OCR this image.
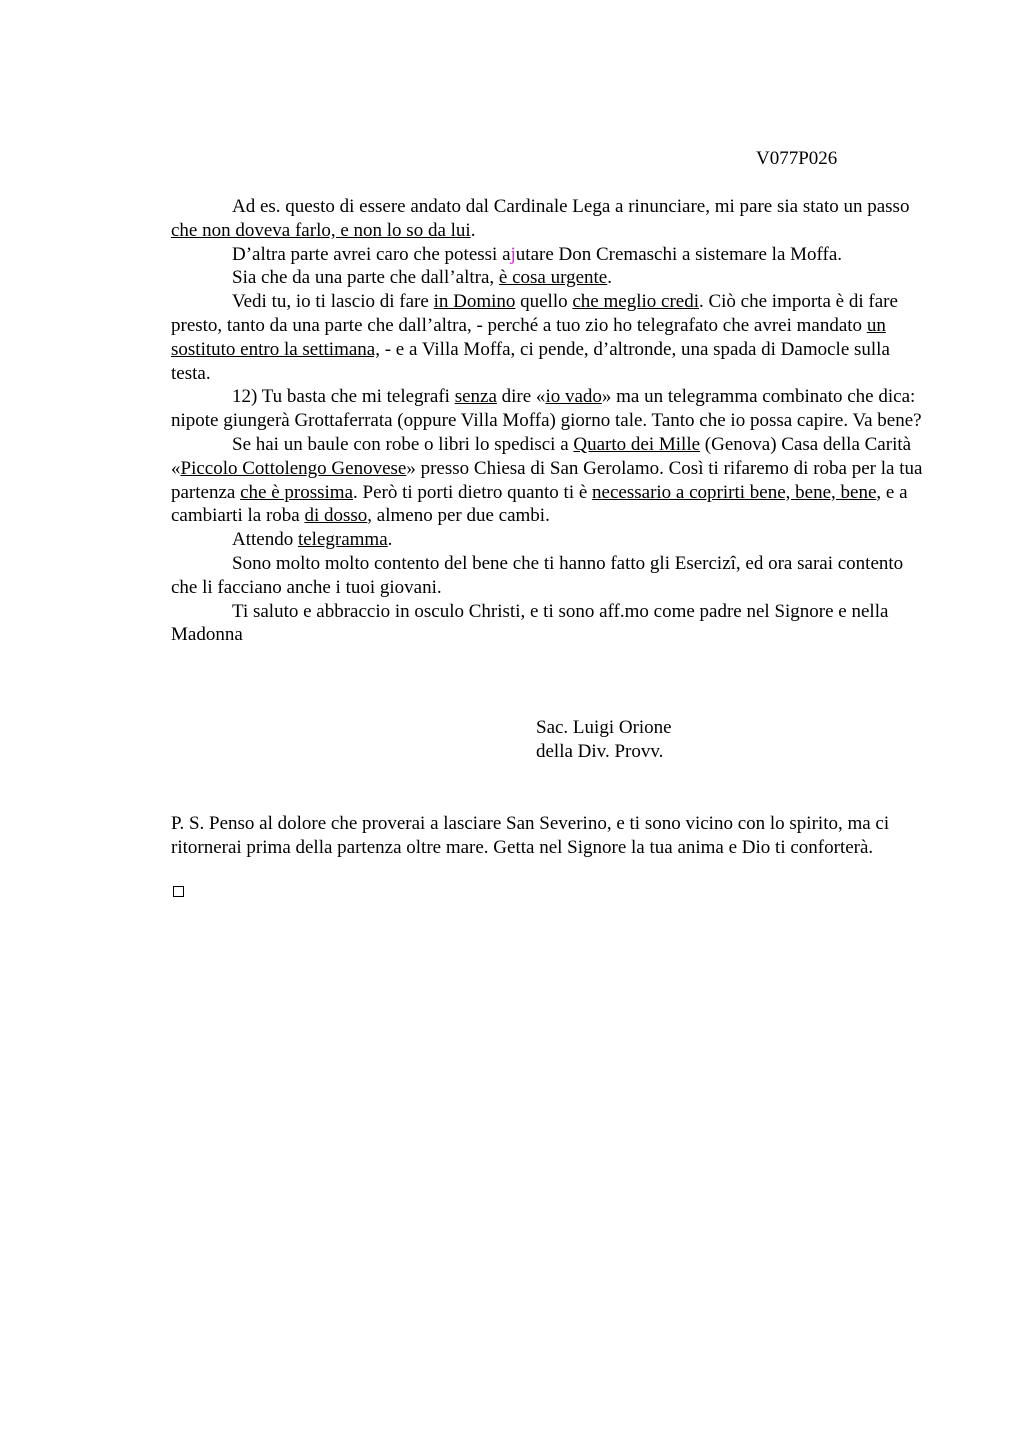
V077P026

Ad es. questo di essere andato dal Cardinale Lega a rinunciare, mi pare sia stato un passo che non doveva farlo, e non lo so da lui.

D’altra parte avrei caro che potessi ajutare Don Cremaschi a sistemare la Moffa.

Sia che da una parte che dall’altra, è cosa urgente.

Vedi tu, io ti lascio di fare in Domino quello che meglio credi. Ciò che importa è di fare presto, tanto da una parte che dall’altra, - perché a tuo zio ho telegrafato che avrei mandato un sostituto entro la settimana, - e a Villa Moffa, ci pende, d’altronde, una spada di Damocle sulla testa.

12) Tu basta che mi telegrafi senza dire «io vado» ma un telegramma combinato che dica: nipote giungerà Grottaferrata (oppure Villa Moffa) giorno tale. Tanto che io possa capire. Va bene?

Se hai un baule con robe o libri lo spedisci a Quarto dei Mille (Genova) Casa della Carità «Piccolo Cottolengo Genovese» presso Chiesa di San Gerolamo. Così ti rifaremo di roba per la tua partenza che è prossima. Però ti porti dietro quanto ti è necessario a coprirti bene, bene, bene, e a cambiarti la roba di dosso, almeno per due cambi.

Attendo telegramma.

Sono molto molto contento del bene che ti hanno fatto gli Esercizi, ed ora sarai contento che li facciano anche i tuoi giovani.

Ti saluto e abbraccio in osculo Christi, e ti sono aff.mo come padre nel Signore e nella Madonna

Sac. Luigi Orione
della Div. Provv.
P. S. Penso al dolore che proverai a lasciare San Severino, e ti sono vicino con lo spirito, ma ci ritornerai prima della partenza oltre mare. Getta nel Signore la tua anima e Dio ti conforterà.
